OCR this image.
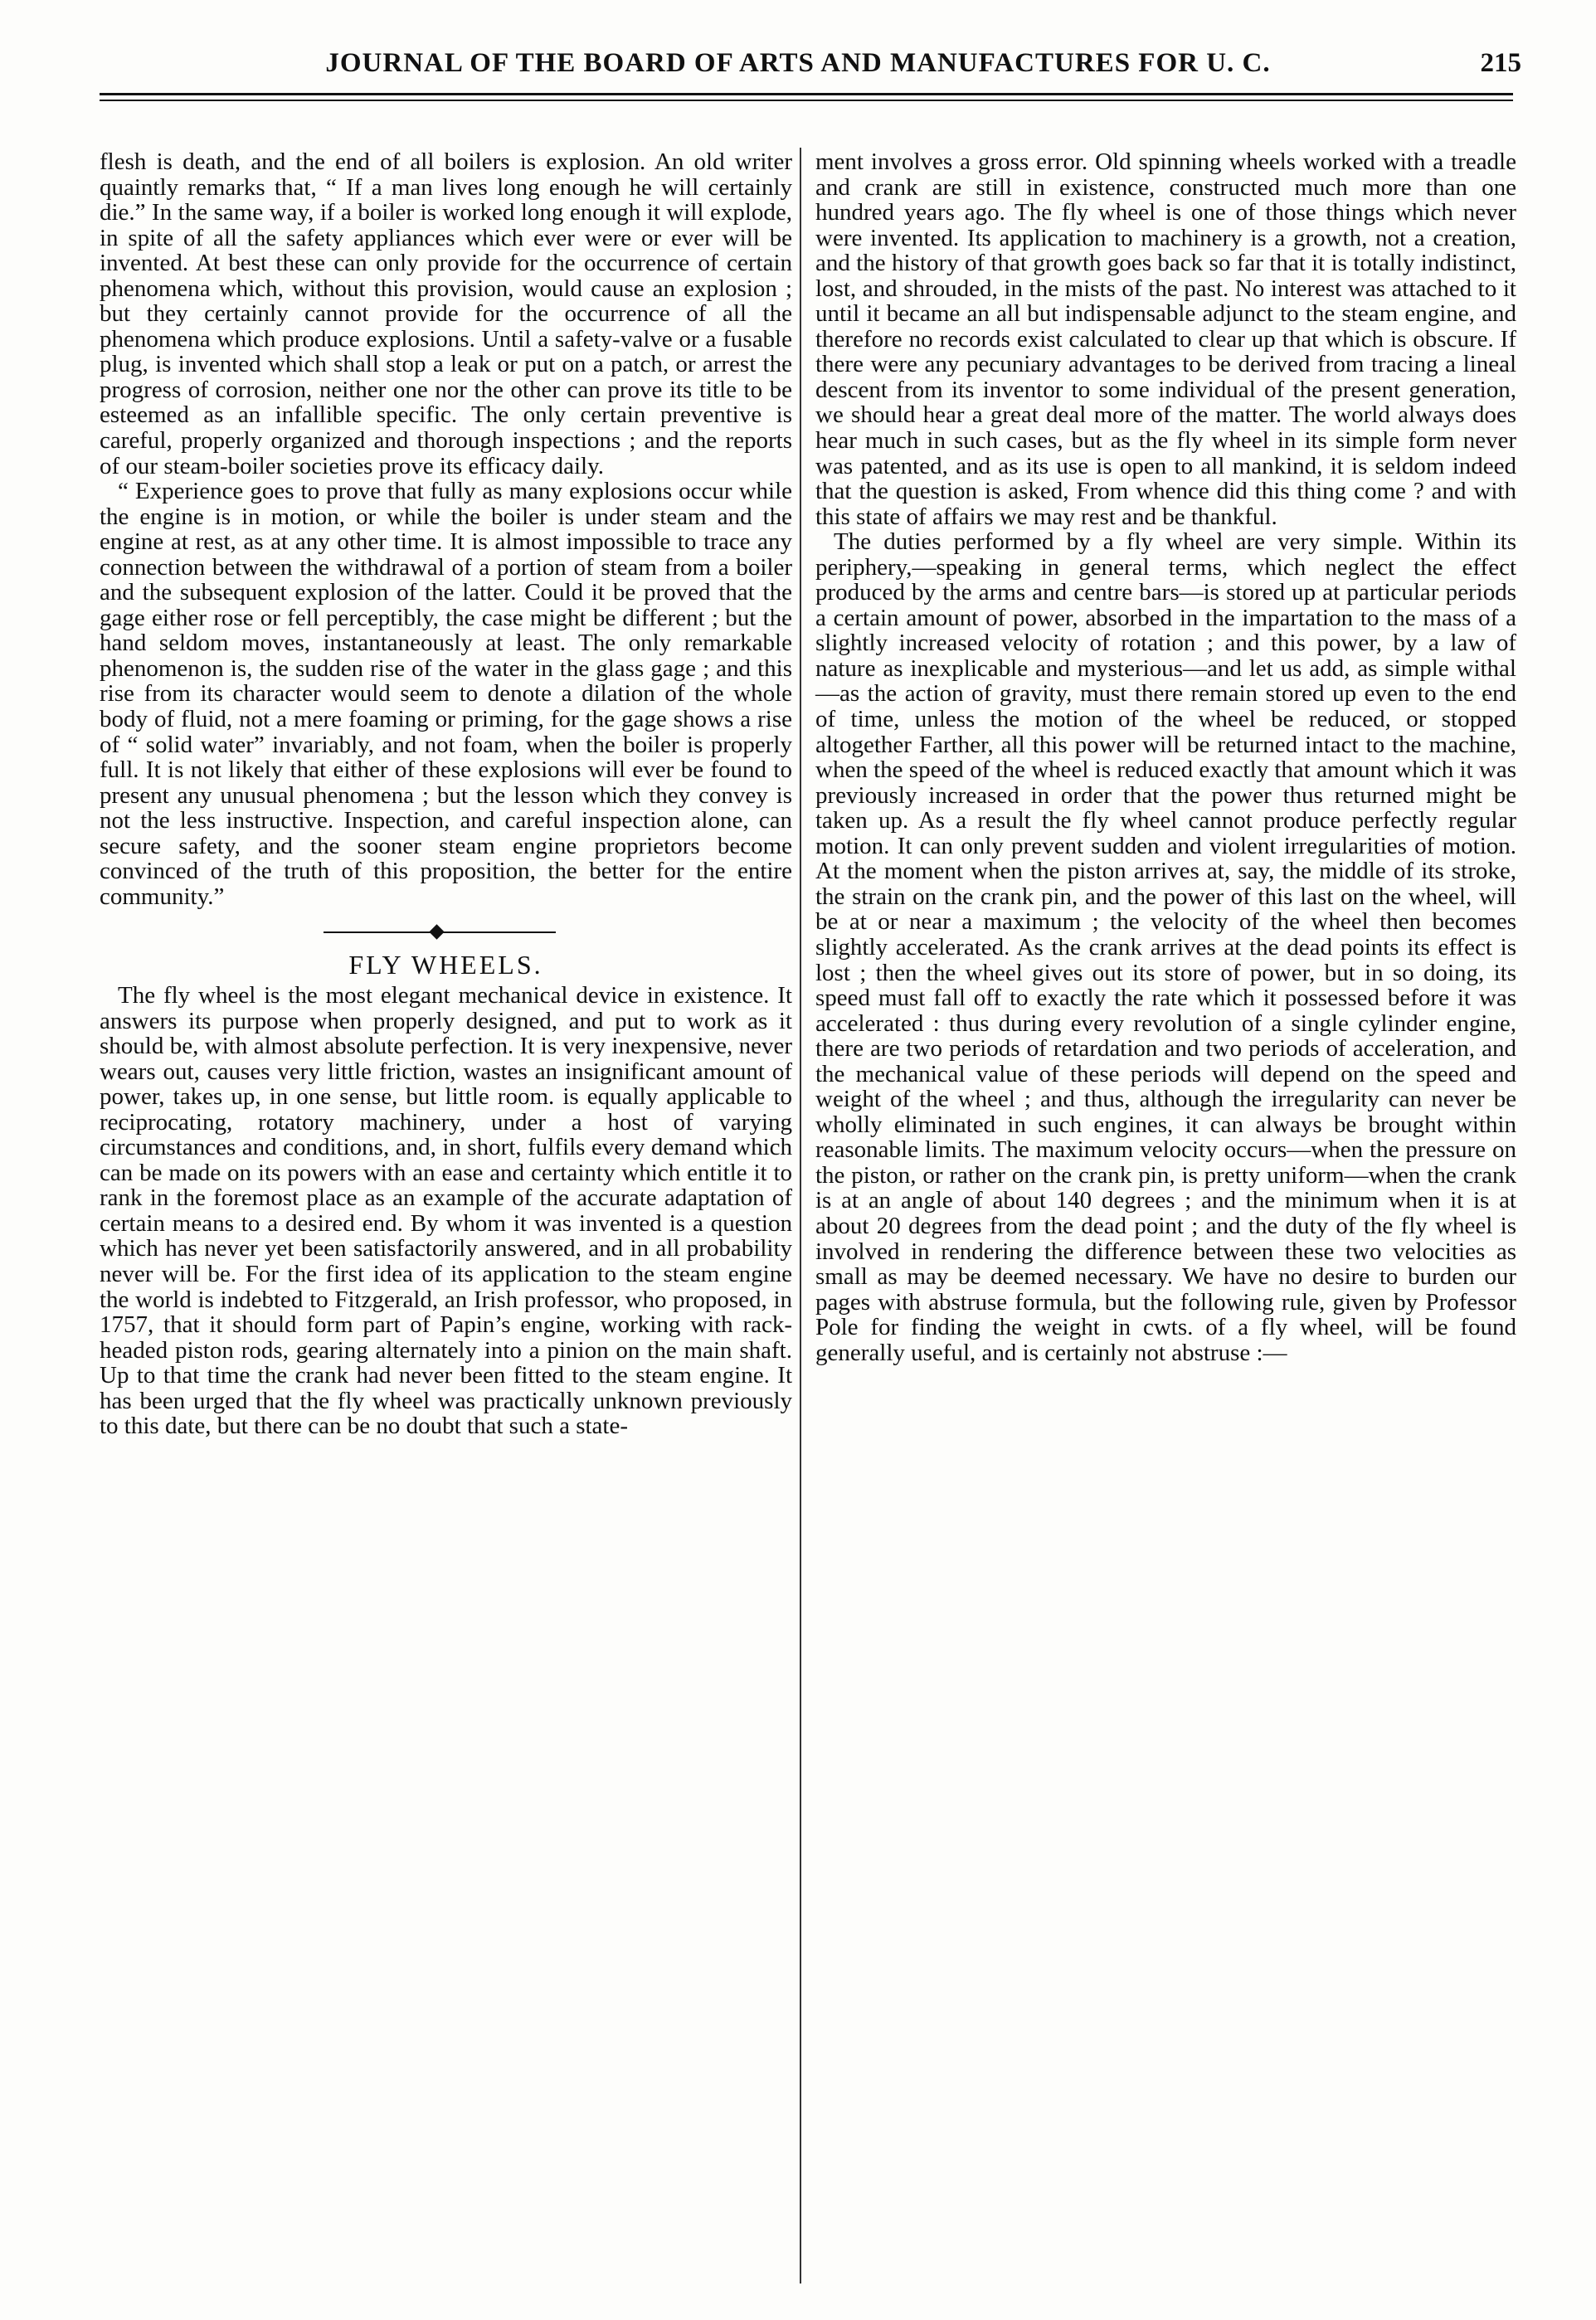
JOURNAL OF THE BOARD OF ARTS AND MANUFACTURES FOR U. C.	215

flesh is death, and the end of all boilers is explosion. An old writer quaintly remarks that, “ If a man lives long enough he will certainly die.” In the same way, if a boiler is worked long enough it will explode, in spite of all the safety appliances which ever were or ever will be invented. At best these can only provide for the occurrence of certain phenomena which, without this provision, would cause an explosion ; but they certainly cannot provide for the occurrence of all the phenomena which produce explosions. Until a safety-valve or a fusable plug, is invented which shall stop a leak or put on a patch, or arrest the progress of corrosion, neither one nor the other can prove its title to be esteemed as an infallible specific. The only certain preventive is careful, properly organized and thorough inspections ; and the reports of our steam-boiler societies prove its efficacy daily.

“ Experience goes to prove that fully as many explosions occur while the engine is in motion, or while the boiler is under steam and the engine at rest, as at any other time. It is almost impossible to trace any connection between the withdrawal of a portion of steam from a boiler and the subsequent explosion of the latter. Could it be proved that the gage either rose or fell perceptibly, the case might be different ; but the hand seldom moves, instantaneously at least. The only remarkable phenomenon is, the sudden rise of the water in the glass gage ; and this rise from its character would seem to denote a dilation of the whole body of fluid, not a mere foaming or priming, for the gage shows a rise of “ solid water” invariably, and not foam, when the boiler is properly full. It is not likely that either of these explosions will ever be found to present any unusual phenomena ; but the lesson which they convey is not the less instructive. Inspection, and careful inspection alone, can secure safety, and the sooner steam engine proprietors become convinced of the truth of this proposition, the better for the entire community.”

FLY WHEELS.

The fly wheel is the most elegant mechanical device in existence. It answers its purpose when properly designed, and put to work as it should be, with almost absolute perfection. It is very inexpensive, never wears out, causes very little friction, wastes an insignificant amount of power, takes up, in one sense, but little room. is equally applicable to reciprocating, rotatory machinery, under a host of varying circumstances and conditions, and, in short, fulfils every demand which can be made on its powers with an ease and certainty which entitle it to rank in the foremost place as an example of the accurate adaptation of certain means to a desired end. By whom it was invented is a question which has never yet been satisfactorily answered, and in all probability never will be. For the first idea of its application to the steam engine the world is indebted to Fitzgerald, an Irish professor, who proposed, in 1757, that it should form part of Papin’s engine, working with rack-headed piston rods, gearing alternately into a pinion on the main shaft. Up to that time the crank had never been fitted to the steam engine. It has been urged that the fly wheel was practically unknown previously to this date, but there can be no doubt that such a state-

ment involves a gross error. Old spinning wheels worked with a treadle and crank are still in existence, constructed much more than one hundred years ago. The fly wheel is one of those things which never were invented. Its application to machinery is a growth, not a creation, and the history of that growth goes back so far that it is totally indistinct, lost, and shrouded, in the mists of the past. No interest was attached to it until it became an all but indispensable adjunct to the steam engine, and therefore no records exist calculated to clear up that which is obscure. If there were any pecuniary advantages to be derived from tracing a lineal descent from its inventor to some individual of the present generation, we should hear a great deal more of the matter. The world always does hear much in such cases, but as the fly wheel in its simple form never was patented, and as its use is open to all mankind, it is seldom indeed that the question is asked, From whence did this thing come ? and with this state of affairs we may rest and be thankful.

The duties performed by a fly wheel are very simple. Within its periphery,—speaking in general terms, which neglect the effect produced by the arms and centre bars—is stored up at particular periods a certain amount of power, absorbed in the impartation to the mass of a slightly increased velocity of rotation ; and this power, by a law of nature as inexplicable and mysterious—and let us add, as simple withal—as the action of gravity, must there remain stored up even to the end of time, unless the motion of the wheel be reduced, or stopped altogether Farther, all this power will be returned intact to the machine, when the speed of the wheel is reduced exactly that amount which it was previously increased in order that the power thus returned might be taken up. As a result the fly wheel cannot produce perfectly regular motion. It can only prevent sudden and violent irregularities of motion. At the moment when the piston arrives at, say, the middle of its stroke, the strain on the crank pin, and the power of this last on the wheel, will be at or near a maximum ; the velocity of the wheel then becomes slightly accelerated. As the crank arrives at the dead points its effect is lost ; then the wheel gives out its store of power, but in so doing, its speed must fall off to exactly the rate which it possessed before it was accelerated : thus during every revolution of a single cylinder engine, there are two periods of retardation and two periods of acceleration, and the mechanical value of these periods will depend on the speed and weight of the wheel ; and thus, although the irregularity can never be wholly eliminated in such engines, it can always be brought within reasonable limits. The maximum velocity occurs—when the pressure on the piston, or rather on the crank pin, is pretty uniform—when the crank is at an angle of about 140 degrees ; and the minimum when it is at about 20 degrees from the dead point ; and the duty of the fly wheel is involved in rendering the difference between these two velocities as small as may be deemed necessary. We have no desire to burden our pages with abstruse formula, but the following rule, given by Professor Pole for finding the weight in cwts. of a fly wheel, will be found generally useful, and is certainly not abstruse :—
